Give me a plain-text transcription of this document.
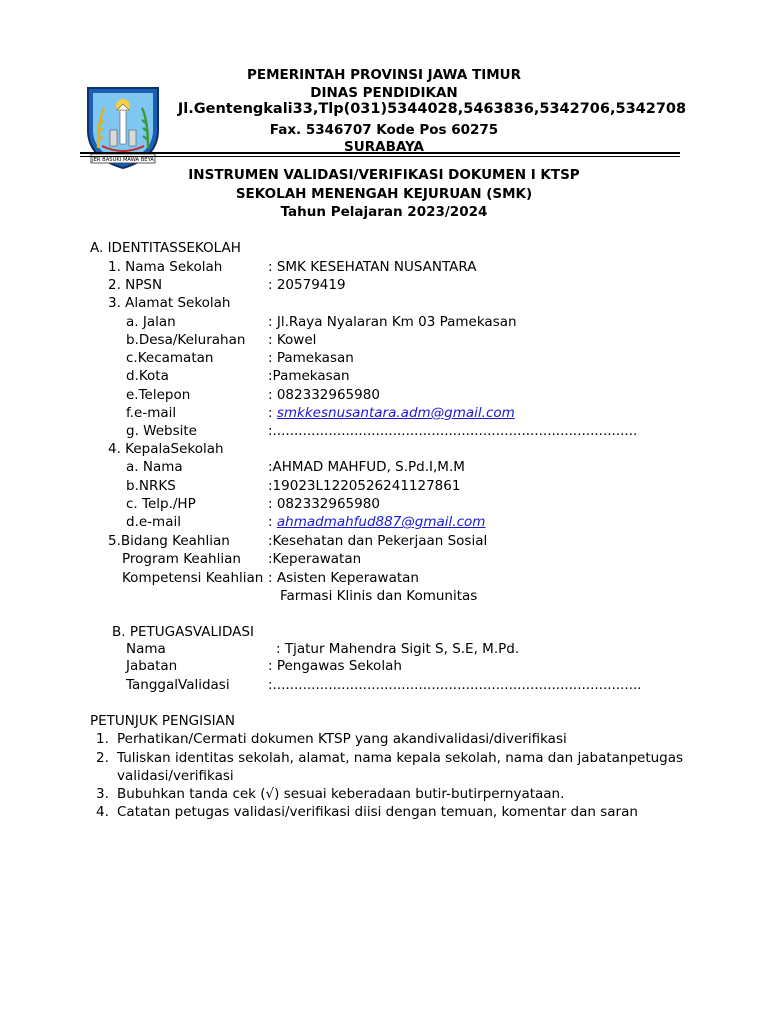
JER BASUKI MAWA BEYA
PEMERINTAH PROVINSI JAWA TIMUR
DINAS PENDIDIKAN
Jl.Gentengkali33,Tlp(031)5344028,5463836,5342706,5342708
Fax. 5346707 Kode Pos 60275
SURABAYA
INSTRUMEN VALIDASI/VERIFIKASI DOKUMEN I KTSP
SEKOLAH MENENGAH KEJURUAN (SMK)
Tahun Pelajaran 2023/2024
A. IDENTITASSEKOLAH
1. Nama Sekolah	: SMK KESEHATAN NUSANTARA
2. NPSN	: 20579419
3. Alamat Sekolah
a. Jalan	: Jl.Raya Nyalaran Km 03 Pamekasan
b.Desa/Kelurahan : Kowel
c.Kecamatan	: Pamekasan
d.Kota	:Pamekasan
e.Telepon	: 082332965980
f.e-mail	: smkkesnusantara.adm@gmail.com
g. Website	:.....................................................................................
4. KepalaSekolah
a. Nama	:AHMAD MAHFUD, S.Pd.I,M.M
b.NRKS	:19023L1220526241127861
c. Telp./HP	: 082332965980
d.e-mail	: ahmadmahfud887@gmail.com
5.Bidang Keahlian	:Kesehatan dan Pekerjaan Sosial
Program Keahlian :Keperawatan
Kompetensi Keahlian : Asisten Keperawatan
Farmasi Klinis dan Komunitas
B. PETUGASVALIDASI
Nama	: Tjatur Mahendra Sigit S, S.E, M.Pd.
Jabatan	: Pengawas Sekolah
TanggalValidasi	:......................................................................................
PETUNJUK PENGISIAN
1. Perhatikan/Cermati dokumen KTSP yang akandivalidasi/diverifikasi
2. Tuliskan identitas sekolah, alamat, nama kepala sekolah, nama dan jabatanpetugas validasi/verifikasi
3. Bubuhkan tanda cek (√) sesuai keberadaan butir-butirpernyataan.
4. Catatan petugas validasi/verifikasi diisi dengan temuan, komentar dan saran
